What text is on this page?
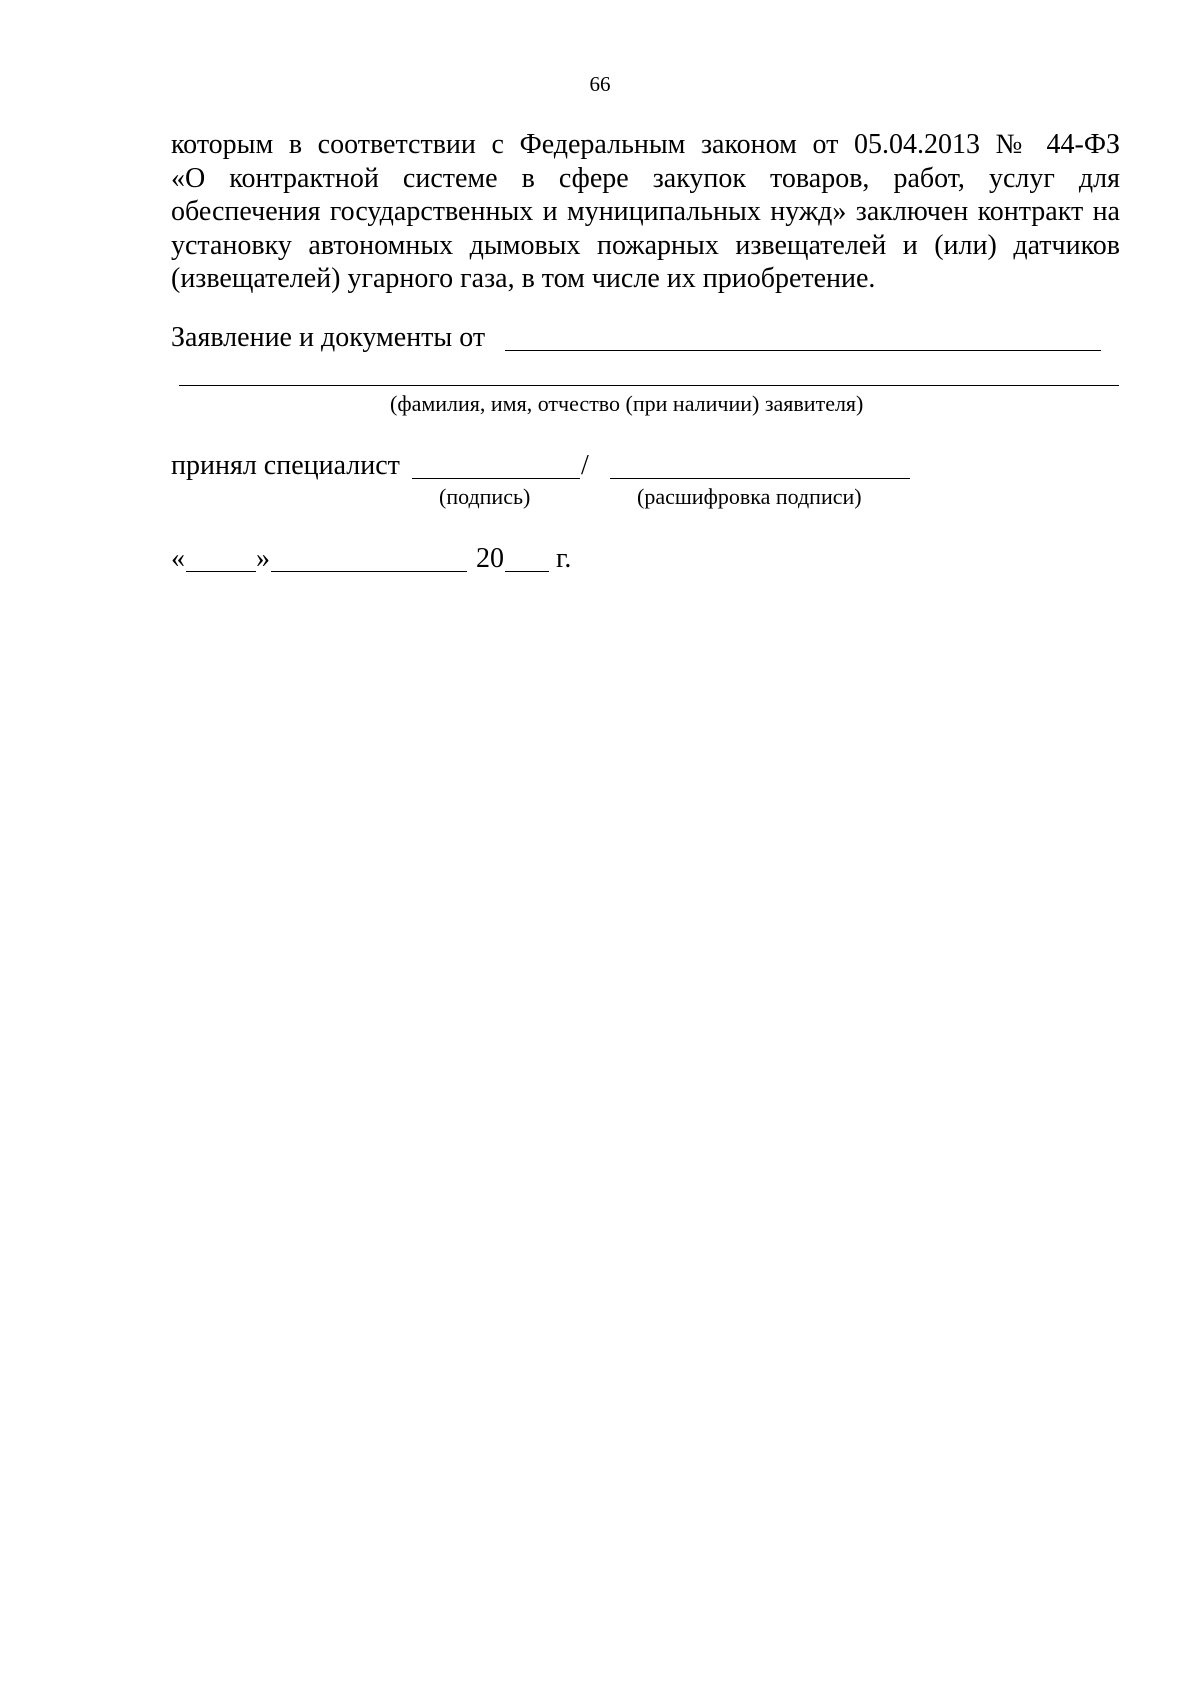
66
которым в соответствии с Федеральным законом от 05.04.2013 № 44-ФЗ
«О контрактной системе в сфере закупок товаров, работ, услуг для
обеспечения государственных и муниципальных нужд» заключен контракт на
установку автономных дымовых пожарных извещателей и (или) датчиков
(извещателей) угарного газа, в том числе их приобретение.
Заявление и документы от
(фамилия, имя, отчество (при наличии) заявителя)
принял специалист	/
(подпись)	(расшифровка подписи)
«	»	20 г.
